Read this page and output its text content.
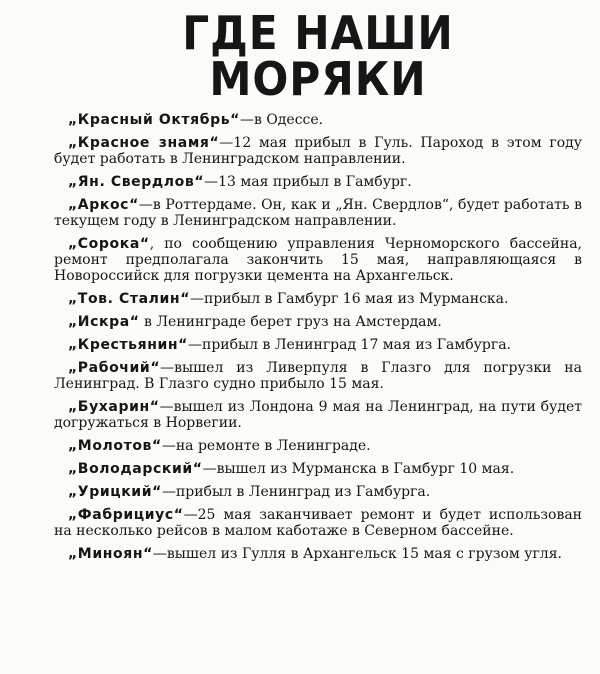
ГДЕ НАШИ МОРЯКИ

„Красный Октябрь“—в Одессе.

„Красное знамя“—12 мая прибыл в Гуль. Пароход в этом году будет работать в Ленинградском направлении.

„Ян. Свердлов“—13 мая прибыл в Гамбург.

„Аркос“—в Роттердаме. Он, как и „Ян. Свердлов“, будет работать в текущем году в Ленинградском направлении.

„Сорока“, по сообщению управления Черноморского бассейна, ремонт предполагала закончить 15 мая, направляющаяся в Новороссийск для погрузки цемента на Архангельск.

„Тов. Сталин“—прибыл в Гамбург 16 мая из Мурманска.

„Искра“ в Ленинграде берет груз на Амстердам.

„Крестьянин“—прибыл в Ленинград 17 мая из Гамбурга.

„Рабочий“—вышел из Ливерпуля в Глазго для погрузки на Ленинград. В Глазго судно прибыло 15 мая.

„Бухарин“—вышел из Лондона 9 мая на Ленинград, на пути будет догружаться в Норвегии.

„Молотов“—на ремонте в Ленинграде.

„Володарский“—вышел из Мурманска в Гамбург 10 мая.

„Урицкий“—прибыл в Ленинград из Гамбурга.

„Фабрициус“—25 мая заканчивает ремонт и будет использован на несколько рейсов в малом каботаже в Северном бассейне.

„Миноян“—вышел из Гулля в Архангельск 15 мая с грузом угля.
